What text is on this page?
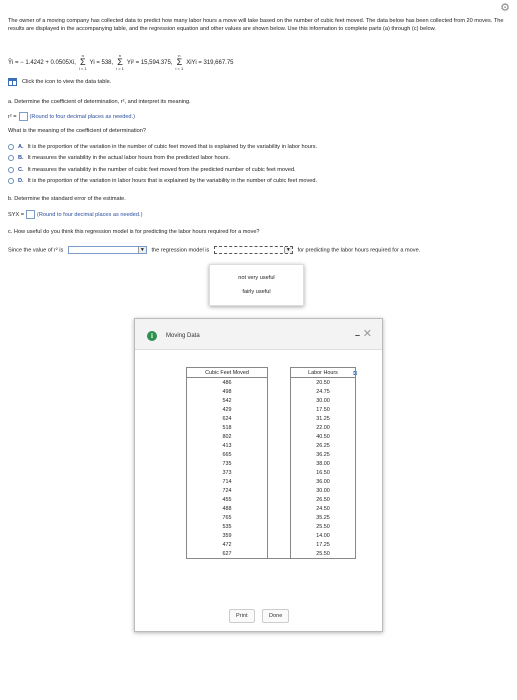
⚙
The owner of a moving company has collected data to predict how many labor hours a move will take based on the number of cubic feet moved. The data below has been collected from 20 moves. The results are displayed in the accompanying table, and the regression equation and other values are shown below. Use this information to complete parts (a) through (c) below.
Ŷi = − 1.4242 + 0.0505Xi,
n
Σ
i = 1
Yi = 538,
n
Σ
i = 1
Yi² = 15,594.375,
n
Σ
i = 1
XiYi = 319,667.75
Click the icon to view the data table.
a. Determine the coefficient of determination, r², and interpret its meaning.
r² = (Round to four decimal places as needed.)
What is the meaning of the coefficient of determination?
A. It is the proportion of the variation in the number of cubic feet moved that is explained by the variability in labor hours.
B. It measures the variability in the actual labor hours from the predicted labor hours.
C. It measures the variability in the number of cubic feet moved from the predicted number of cubic feet moved.
D. It is the proportion of the variation in labor hours that is explained by the variability in the number of cubic feet moved.
b. Determine the standard error of the estimate.
SYX = (Round to four decimal places as needed.)
c. How useful do you think this regression model is for predicting the labor hours required for a move?
Since the value of r² is	▼ the regression model is	▼ for predicting the labor hours required for a move.
not very useful
fairly useful
i	Moving Data	– ✕
⧉
Cubic Feet Moved		Labor Hours
486		20.50
498		24.75
542		30.00
429		17.50
624		31.25
518		22.00
802		40.50
413		26.25
665		36.25
735		38.00
373		16.50
714		36.00
724		30.00
455		26.50
488		24.50
765		35.25
535		25.50
359		14.00
472		17.25
627		25.50
Print	Done
